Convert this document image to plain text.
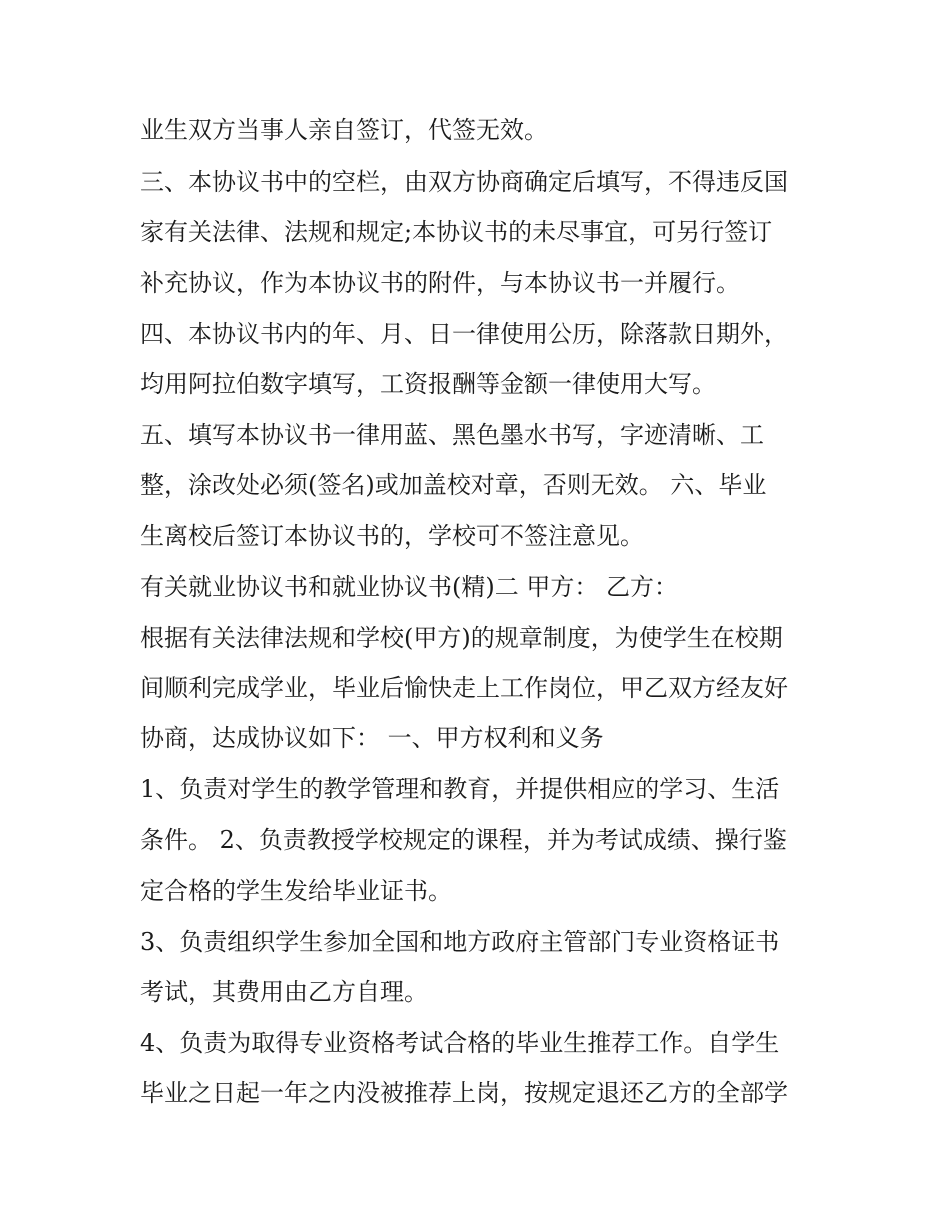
业生双方当事人亲自签订，代签无效。

三、本协议书中的空栏，由双方协商确定后填写，不得违反国

家有关法律、法规和规定;本协议书的未尽事宜，可另行签订

补充协议，作为本协议书的附件，与本协议书一并履行。

四、本协议书内的年、月、日一律使用公历，除落款日期外，

均用阿拉伯数字填写，工资报酬等金额一律使用大写。

五、填写本协议书一律用蓝、黑色墨水书写，字迹清晰、工

整，涂改处必须(签名)或加盖校对章，否则无效。 六、毕业

生离校后签订本协议书的，学校可不签注意见。

有关就业协议书和就业协议书(精)二 甲方： 乙方：

根据有关法律法规和学校(甲方)的规章制度，为使学生在校期

间顺利完成学业，毕业后愉快走上工作岗位，甲乙双方经友好

协商，达成协议如下： 一、甲方权利和义务

1、负责对学生的教学管理和教育，并提供相应的学习、生活

条件。 2、负责教授学校规定的课程，并为考试成绩、操行鉴

定合格的学生发给毕业证书。

3、负责组织学生参加全国和地方政府主管部门专业资格证书

考试，其费用由乙方自理。

4、负责为取得专业资格考试合格的毕业生推荐工作。自学生

毕业之日起一年之内没被推荐上岗，按规定退还乙方的全部学
